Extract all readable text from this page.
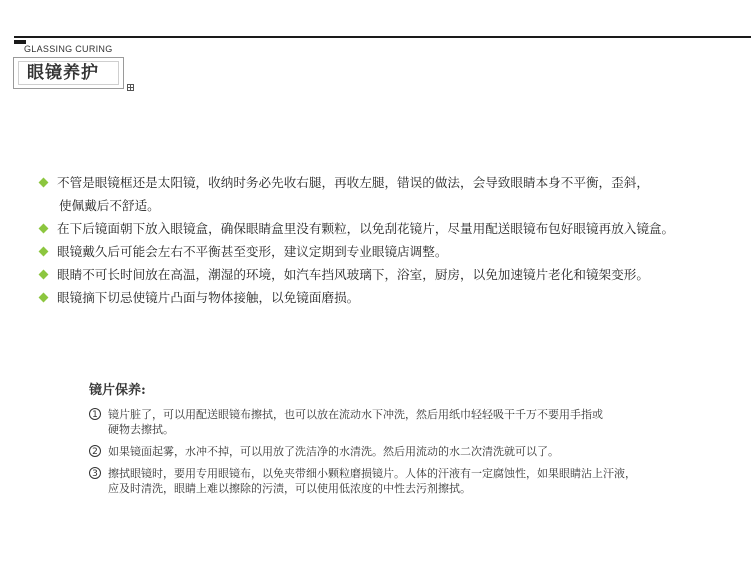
GLASSING CURING
眼镜养护
不管是眼镜框还是太阳镜，收纳时务必先收右腿，再收左腿，错误的做法，会导致眼睛本身不平衡，歪斜，
使佩戴后不舒适。
在下后镜面朝下放入眼镜盒，确保眼睛盒里没有颗粒，以免刮花镜片，尽量用配送眼镜布包好眼镜再放入镜盒。
眼镜戴久后可能会左右不平衡甚至变形，建议定期到专业眼镜店调整。
眼睛不可长时间放在高温，潮湿的环境，如汽车挡风玻璃下，浴室，厨房，以免加速镜片老化和镜架变形。
眼镜摘下切忌使镜片凸面与物体接触，以免镜面磨损。
镜片保养:
1 镜片脏了，可以用配送眼镜布擦拭，也可以放在流动水下冲洗，然后用纸巾轻轻吸干千万不要用手指或
硬物去擦拭。
2 如果镜面起雾，水冲不掉，可以用放了洗洁净的水清洗。然后用流动的水二次清洗就可以了。
3 擦拭眼镜时，要用专用眼镜布，以免夹带细小颗粒磨损镜片。人体的汗液有一定腐蚀性，如果眼睛沾上汗液，
应及时清洗，眼睛上难以擦除的污渍，可以使用低浓度的中性去污剂擦拭。
